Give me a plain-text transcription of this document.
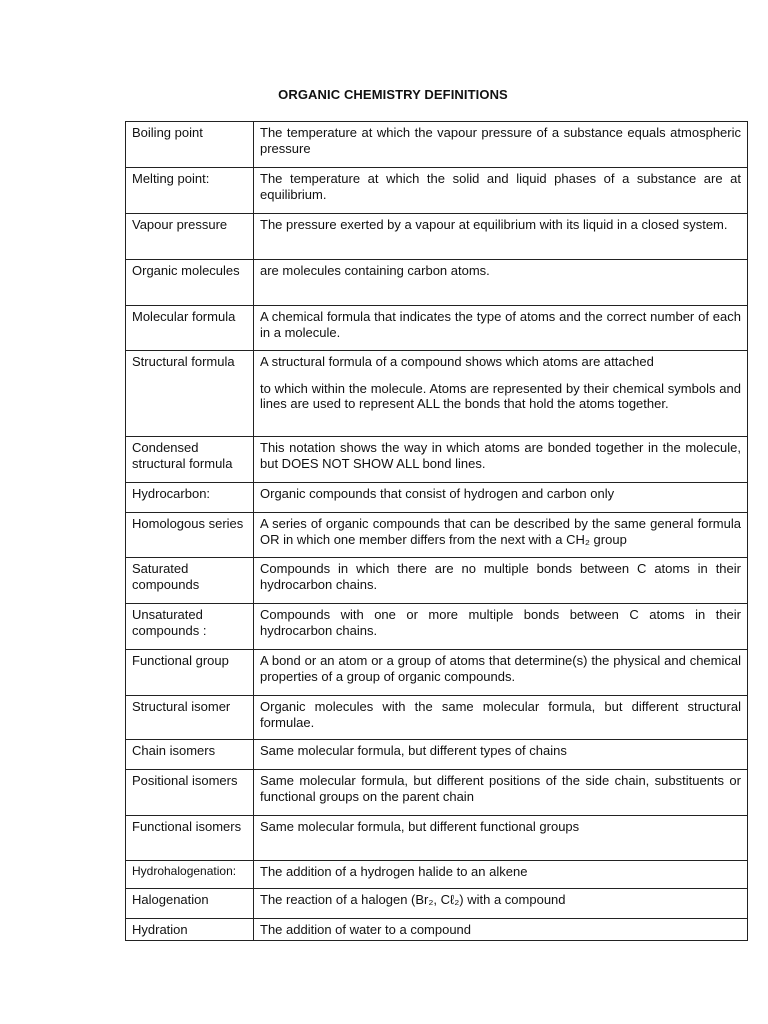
ORGANIC CHEMISTRY DEFINITIONS
Boiling point	The temperature at which the vapour pressure of a substance equals atmospheric pressure
Melting point:	The temperature at which the solid and liquid phases of a substance are at equilibrium.
Vapour pressure	The pressure exerted by a vapour at equilibrium with its liquid in a closed system.
Organic molecules	are molecules containing carbon atoms.
Molecular formula	A chemical formula that indicates the type of atoms and the correct number of each in a molecule.
Structural formula	A structural formula of a compound shows which atoms are attached

to which within the molecule. Atoms are represented by their chemical symbols and lines are used to represent ALL the bonds that hold the atoms together.

Condensed structural formula	This notation shows the way in which atoms are bonded together in the molecule, but DOES NOT SHOW ALL bond lines.
Hydrocarbon:	Organic compounds that consist of hydrogen and carbon only
Homologous series	A series of organic compounds that can be described by the same general formula OR in which one member differs from the next with a CH₂ group
Saturated compounds	Compounds in which there are no multiple bonds between C atoms in their hydrocarbon chains.
Unsaturated compounds :	Compounds with one or more multiple bonds between C atoms in their hydrocarbon chains.
Functional group	A bond or an atom or a group of atoms that determine(s) the physical and chemical properties of a group of organic compounds.
Structural isomer	Organic molecules with the same molecular formula, but different structural formulae.
Chain isomers	Same molecular formula, but different types of chains
Positional isomers	Same molecular formula, but different positions of the side chain, substituents or functional groups on the parent chain
Functional isomers	Same molecular formula, but different functional groups
Hydrohalogenation:	The addition of a hydrogen halide to an alkene
Halogenation	The reaction of a halogen (Br₂, Cℓ₂) with a compound
Hydration	The addition of water to a compound
